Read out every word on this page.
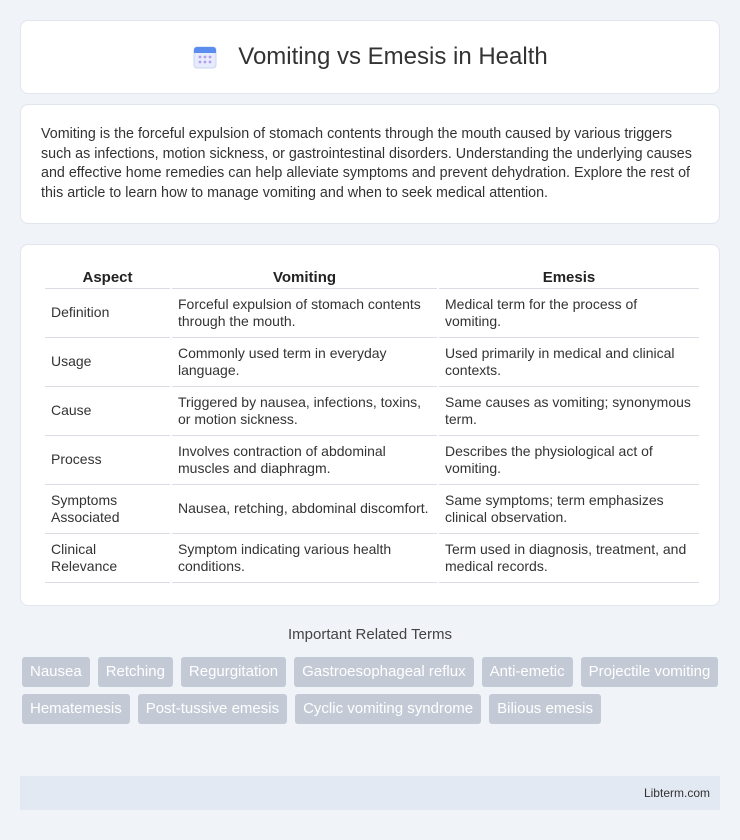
Vomiting vs Emesis in Health

Vomiting is the forceful expulsion of stomach contents through the mouth caused by various triggers such as infections, motion sickness, or gastrointestinal disorders. Understanding the underlying causes and effective home remedies can help alleviate symptoms and prevent dehydration. Explore the rest of this article to learn how to manage vomiting and when to seek medical attention.

Aspect	Vomiting	Emesis
Definition	Forceful expulsion of stomach contents through the mouth.	Medical term for the process of vomiting.
Usage	Commonly used term in everyday language.	Used primarily in medical and clinical contexts.
Cause	Triggered by nausea, infections, toxins, or motion sickness.	Same causes as vomiting; synonymous term.
Process	Involves contraction of abdominal muscles and diaphragm.	Describes the physiological act of vomiting.
Symptoms Associated	Nausea, retching, abdominal discomfort.	Same symptoms; term emphasizes clinical observation.
Clinical Relevance	Symptom indicating various health conditions.	Term used in diagnosis, treatment, and medical records.
Important Related Terms
Nausea	Retching	Regurgitation	Gastroesophageal reflux	Anti-emetic	Projectile vomiting
Hematemesis	Post-tussive emesis	Cyclic vomiting syndrome	Bilious emesis
Libterm.com
